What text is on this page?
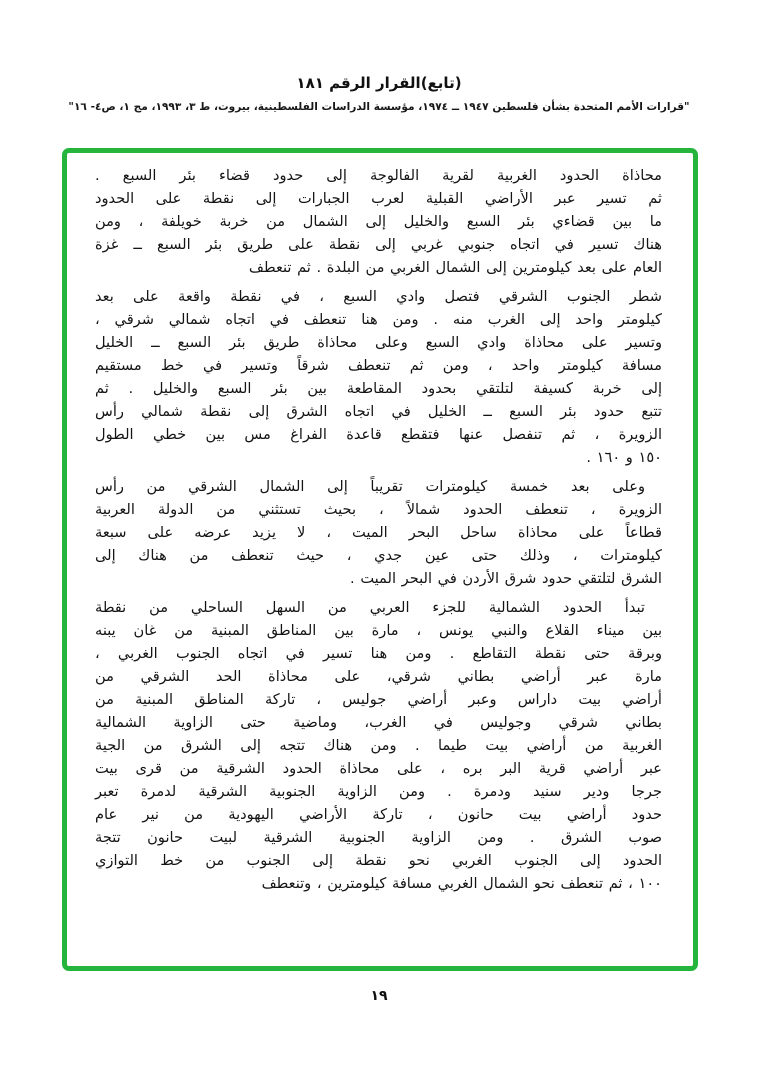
(تابع)القرار الرقم ١٨١
"قرارات الأمم المتحدة بشأن فلسطين ١٩٤٧ ــ ١٩٧٤، مؤسسة الدراسات الفلسطينية، بيروت، ط ٣، ١٩٩٣، مج ١، ص٤- ١٦"
محاذاة الحدود الغربية لقرية الفالوجة إلى حدود قضاء بئر السبع .
ثم تسير عبر الأراضي القبلية لعرب الجبارات إلى نقطة على الحدود
ما بين قضاءي بئر السبع والخليل إلى الشمال من خربة خويلفة ، ومن
هناك تسير في اتجاه جنوبي غربي إلى نقطة على طريق بئر السبع ــ غزة
العام على بعد كيلومترين إلى الشمال الغربي من البلدة . ثم تنعطف
شطر الجنوب الشرقي فتصل وادي السبع ، في نقطة واقعة على بعد
كيلومتر واحد إلى الغرب منه . ومن هنا تنعطف في اتجاه شمالي شرقي ،
وتسير على محاذاة وادي السبع وعلى محاذاة طريق بئر السبع ــ الخليل
مسافة كيلومتر واحد ، ومن ثم تنعطف شرقاً وتسير في خط مستقيم
إلى خربة كسيفة لتلتقي بحدود المقاطعة بين بئر السبع والخليل . ثم
تتبع حدود بئر السبع ــ الخليل في اتجاه الشرق إلى نقطة شمالي رأس
الزويرة ، ثم تنفصل عنها فتقطع قاعدة الفراغ مس بين خطي الطول
١٥٠ و ١٦٠ .
وعلى بعد خمسة كيلومترات تقريباً إلى الشمال الشرقي من رأس
الزويرة ، تنعطف الحدود شمالاً ، بحيث تستثني من الدولة العربية
قطاعاً على محاذاة ساحل البحر الميت ، لا يزيد عرضه على سبعة
كيلومترات ، وذلك حتى عين جدي ، حيث تنعطف من هناك إلى
الشرق لتلتقي حدود شرق الأردن في البحر الميت .
تبدأ الحدود الشمالية للجزء العربي من السهل الساحلي من نقطة
بين ميناء القلاع والنبي يونس ، مارة بين المناطق المبنية من غان يبنه
وبرقة حتى نقطة التقاطع . ومن هنا تسير في اتجاه الجنوب الغربي ،
مارة عبر أراضي بطاني شرقي، على محاذاة الحد الشرقي من
أراضي بيت داراس وعبر أراضي جوليس ، تاركة المناطق المبنية من
بطاني شرقي وجوليس في الغرب، وماضية حتى الزاوية الشمالية
الغربية من أراضي بيت طيما . ومن هناك تتجه إلى الشرق من الجية
عبر أراضي قرية البر بره ، على محاذاة الحدود الشرقية من قرى بيت
جرجا ودير سنيد ودمرة . ومن الزاوية الجنوبية الشرقية لدمرة تعبر
حدود أراضي بيت حانون ، تاركة الأراضي اليهودية من نير عام
صوب الشرق . ومن الزاوية الجنوبية الشرقية لبيت حانون تتجة
الحدود إلى الجنوب الغربي نحو نقطة إلى الجنوب من خط التوازي
١٠٠ ، ثم تنعطف نحو الشمال الغربي مسافة كيلومترين ، وتنعطف
١٩
